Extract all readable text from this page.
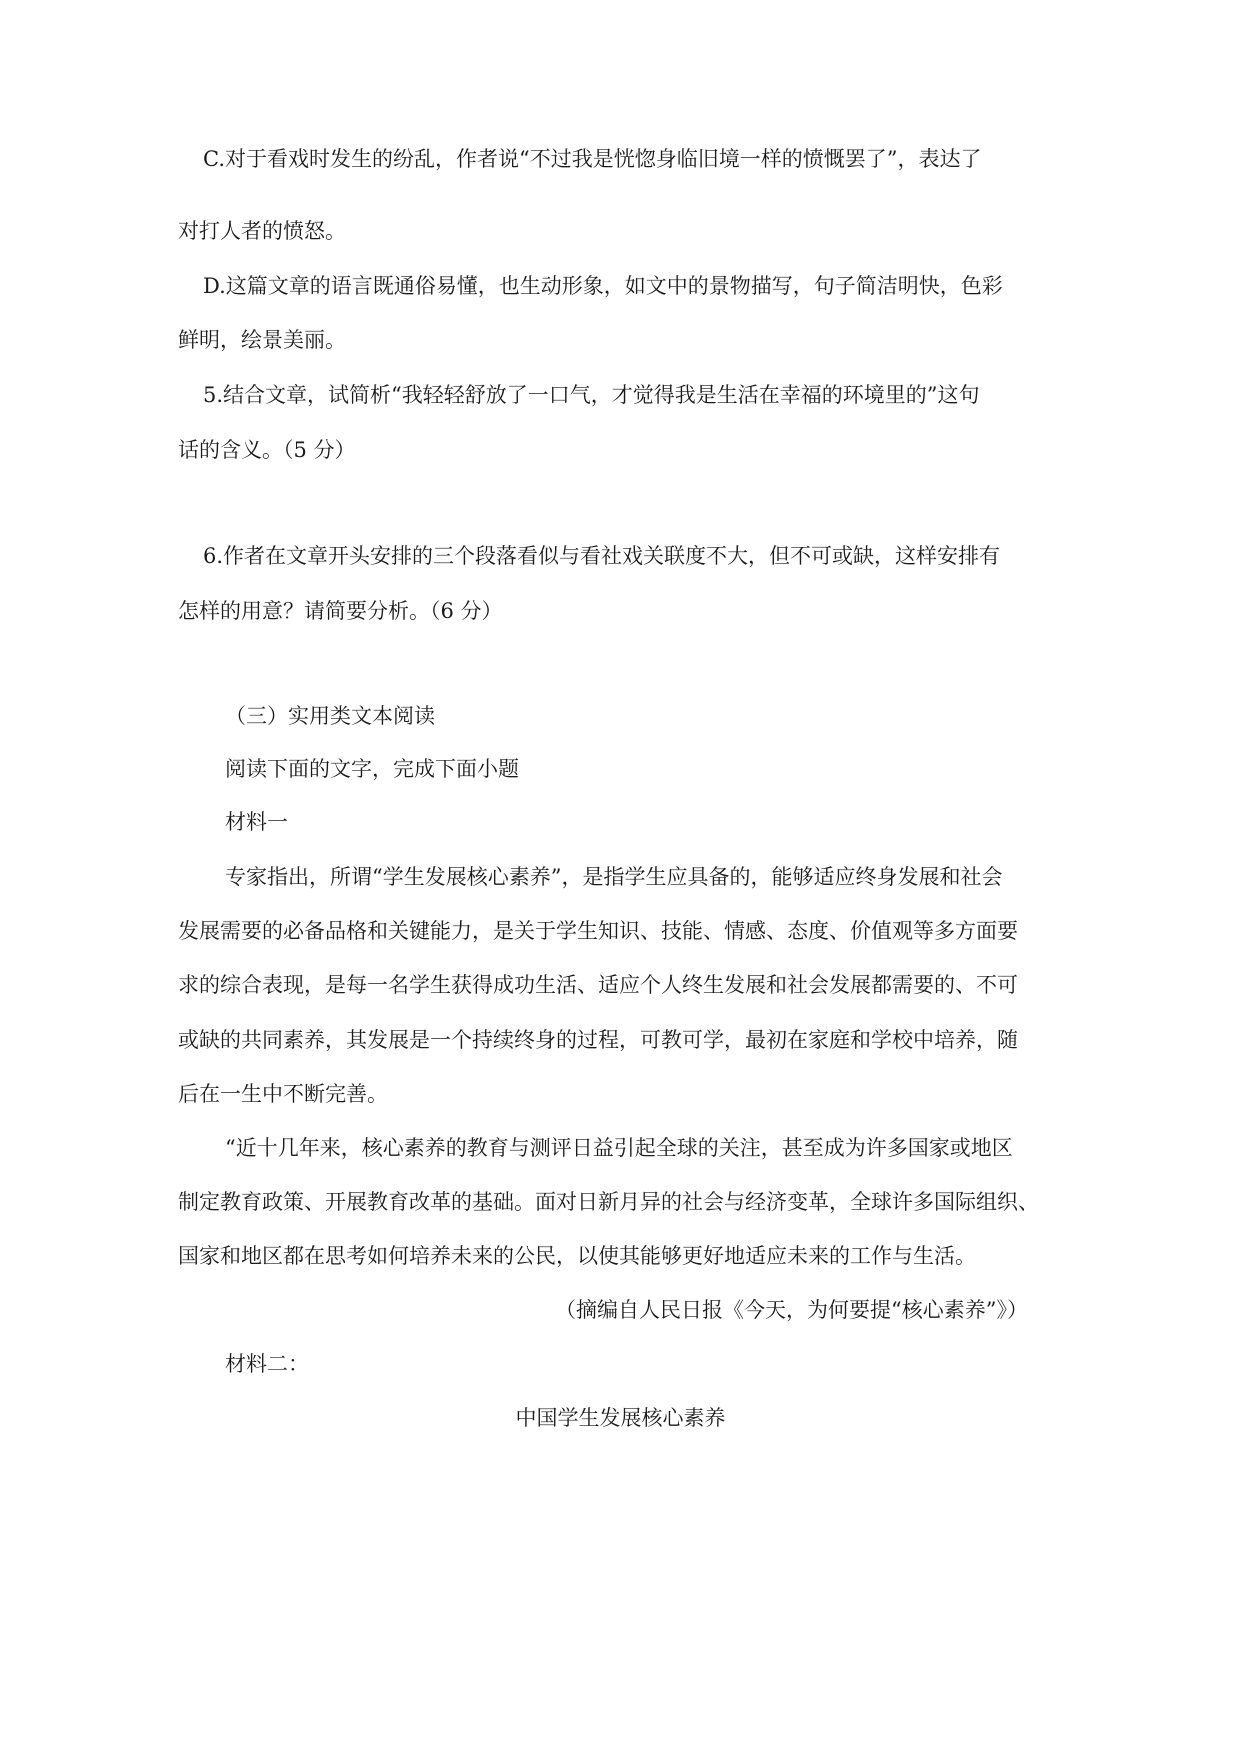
C.对于看戏时发生的纷乱，作者说“不过我是恍惚身临旧境一样的愤慨罢了”，表达了
对打人者的愤怒。
D.这篇文章的语言既通俗易懂，也生动形象，如文中的景物描写，句子简洁明快，色彩
鲜明，绘景美丽。
5.结合文章，试简析“我轻轻舒放了一口气，才觉得我是生活在幸福的环境里的”这句
话的含义。（5 分）
6.作者在文章开头安排的三个段落看似与看社戏关联度不大，但不可或缺，这样安排有
怎样的用意？请简要分析。（6 分）
（三）实用类文本阅读
阅读下面的文字，完成下面小题
材料一
专家指出，所谓“学生发展核心素养”，是指学生应具备的，能够适应终身发展和社会
发展需要的必备品格和关键能力，是关于学生知识、技能、情感、态度、价值观等多方面要
求的综合表现，是每一名学生获得成功生活、适应个人终生发展和社会发展都需要的、不可
或缺的共同素养，其发展是一个持续终身的过程，可教可学，最初在家庭和学校中培养，随
后在一生中不断完善。
“近十几年来，核心素养的教育与测评日益引起全球的关注，甚至成为许多国家或地区
制定教育政策、开展教育改革的基础。面对日新月异的社会与经济变革，全球许多国际组织、
国家和地区都在思考如何培养未来的公民，以使其能够更好地适应未来的工作与生活。
（摘编自人民日报《今天，为何要提“核心素养”》）
材料二：
中国学生发展核心素养
